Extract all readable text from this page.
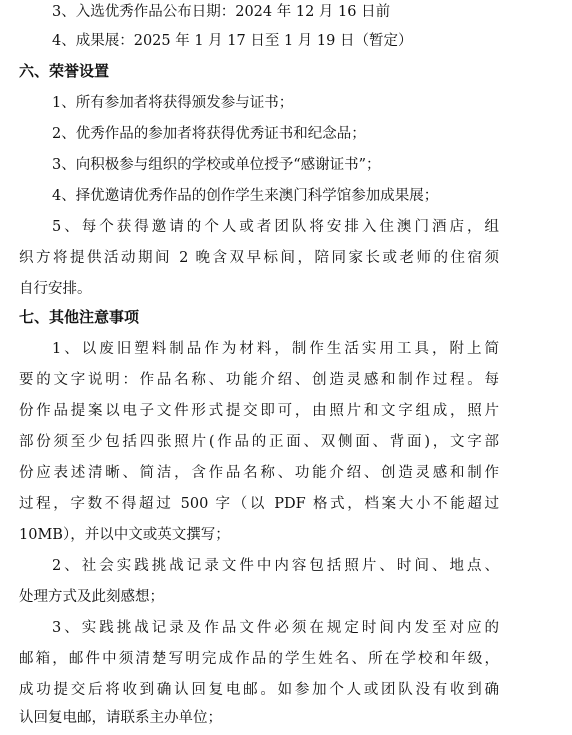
3、入选优秀作品公布日期：2024 年 12 月 16 日前
4、成果展：2025 年 1 月 17 日至 1 月 19 日（暂定）
六、荣誉设置
1、所有参加者将获得颁发参与证书；
2、优秀作品的参加者将获得优秀证书和纪念品；
3、向积极参与组织的学校或单位授予“感谢证书”；
4、择优邀请优秀作品的创作学生来澳门科学馆参加成果展；
5、每个获得邀请的个人或者团队将安排入住澳门酒店，组
织方将提供活动期间 2 晚含双早标间，陪同家长或老师的住宿须
自行安排。
七、其他注意事项
1、以废旧塑料制品作为材料，制作生活实用工具，附上简
要的文字说明：作品名称、功能介绍、创造灵感和制作过程。每
份作品提案以电子文件形式提交即可，由照片和文字组成，照片
部份须至少包括四张照片(作品的正面、双侧面、背面)，文字部
份应表述清晰、简洁，含作品名称、功能介绍、创造灵感和制作
过程，字数不得超过 500 字（以 PDF 格式，档案大小不能超过
10MB），并以中文或英文撰写；
2、社会实践挑战记录文件中内容包括照片、时间、地点、
处理方式及此刻感想；
3、实践挑战记录及作品文件必须在规定时间内发至对应的
邮箱，邮件中须清楚写明完成作品的学生姓名、所在学校和年级，
成功提交后将收到确认回复电邮。如参加个人或团队没有收到确
认回复电邮，请联系主办单位；
